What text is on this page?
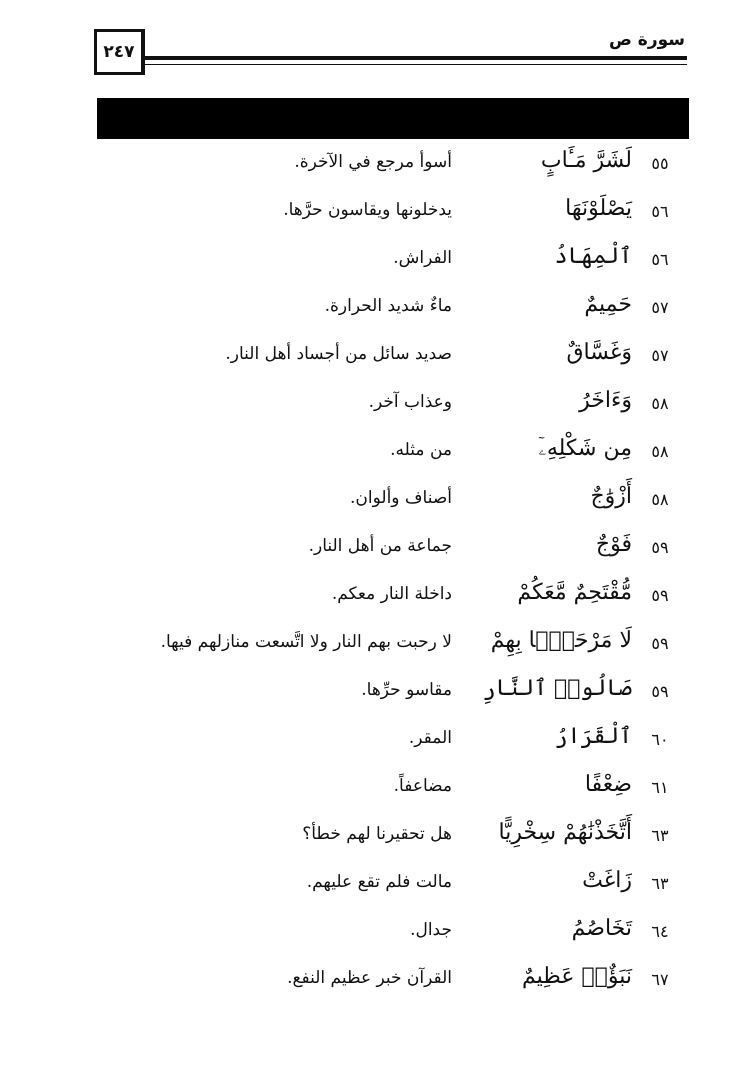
٢٤٧
سورة ص
٥٥
لَشَرَّ مَـَٔابٍ
أسوأ مرجع في الآخرة.
٥٦
يَصْلَوْنَهَا
يدخلونها ويقاسون حرَّها.
٥٦
ٱلْمِهَادُ
الفراش.
٥٧
حَمِيمٌ
ماءٌ شديد الحرارة.
٥٧
وَغَسَّاقٌ
صديد سائل من أجساد أهل النار.
٥٨
وَءَاخَرُ
وعذاب آخر.
٥٨
مِن شَكْلِهِۦٓ
من مثله.
٥٨
أَزْوَٰجٌ
أصناف وألوان.
٥٩
فَوْجٌ
جماعة من أهل النار.
٥٩
مُّقْتَحِمٌ مَّعَكُمْ
داخلة النار معكم.
٥٩
لَا مَرْحَبًۢا بِهِمْ
لا رحبت بهم النار ولا اتَّسعت منازلهم فيها.
٥٩
صَالُوا۟ ٱلنَّارِ
مقاسو حرِّها.
٦٠
ٱلْقَرَارُ
المقر.
٦١
ضِعْفًا
مضاعفاً.
٦٣
أَتَّخَذْنَٰهُمْ سِخْرِيًّا
هل تحقيرنا لهم خطأ؟
٦٣
زَاغَتْ
مالت فلم تقع عليهم.
٦٤
تَخَاصُمُ
جدال.
٦٧
نَبَؤٌا۟ عَظِيمٌ
القرآن خبر عظيم النفع.
